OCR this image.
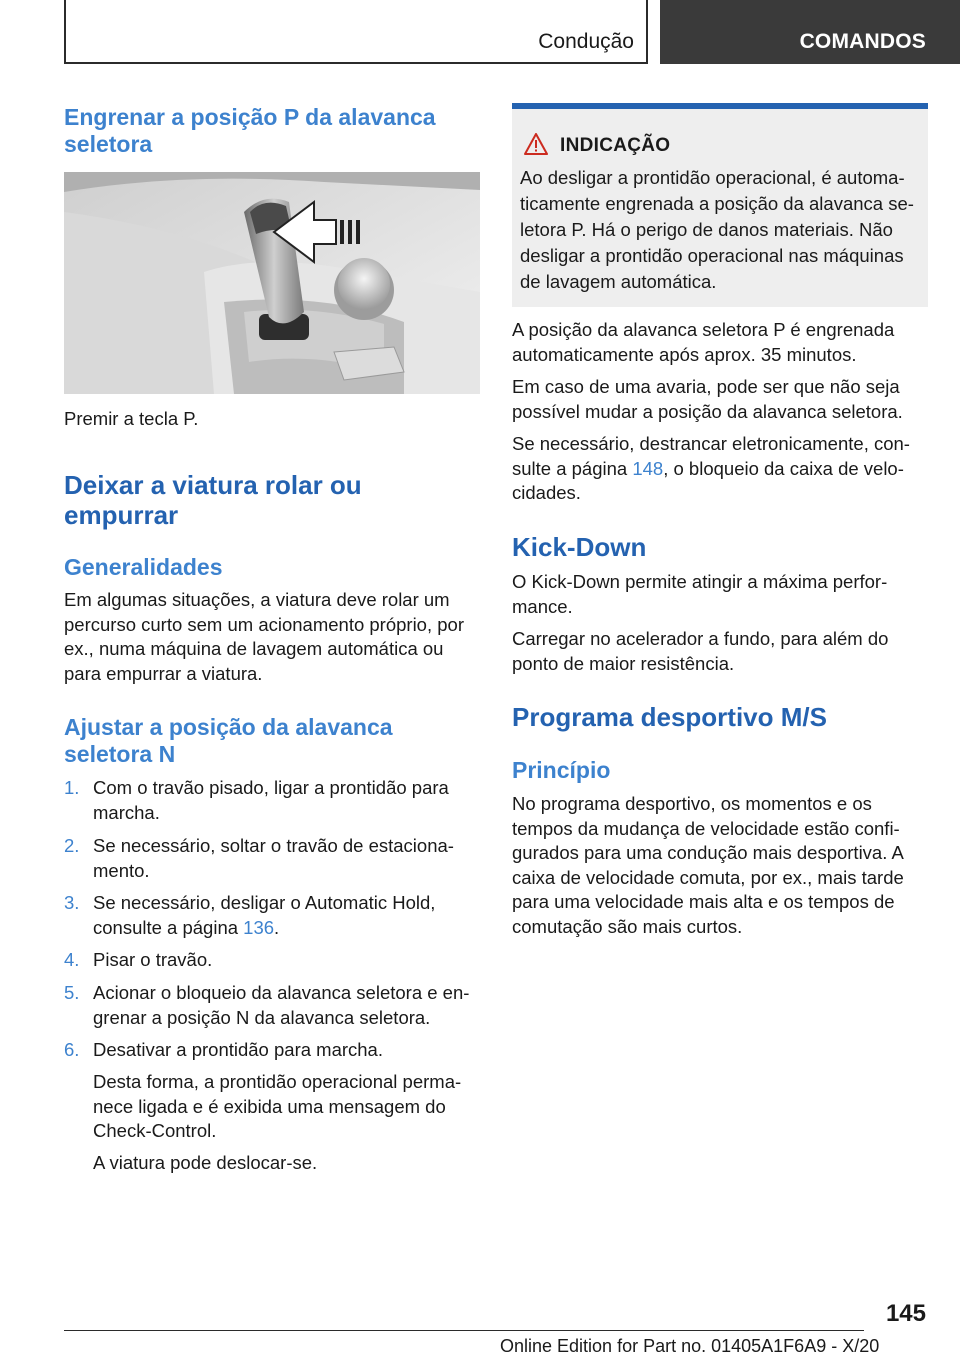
Condução	COMANDOS
Engrenar a posição P da alavanca seletora

Premir a tecla P.

Deixar a viatura rolar ou empurrar
Generalidades

Em algumas situações, a viatura deve rolar um percurso curto sem um acionamento próprio, por ex., numa máquina de lavagem automática ou para empurrar a viatura.

Ajustar a posição da alavanca seletora N
1. Com o travão pisado, ligar a prontidão para marcha.
2. Se necessário, soltar o travão de estaciona-mento.
3. Se necessário, desligar o Automatic Hold, consulte a página 136.
4. Pisar o travão.
5. Acionar o bloqueio da alavanca seletora e en-grenar a posição N da alavanca seletora.
6. Desativar a prontidão para marcha.

Desta forma, a prontidão operacional perma-nece ligada e é exibida uma mensagem do Check-Control.

A viatura pode deslocar-se.

INDICAÇÃO
Ao desligar a prontidão operacional, é automa-ticamente engrenada a posição da alavanca se-letora P. Há o perigo de danos materiais. Não desligar a prontidão operacional nas máquinas de lavagem automática.

A posição da alavanca seletora P é engrenada automaticamente após aprox. 35 minutos.

Em caso de uma avaria, pode ser que não seja possível mudar a posição da alavanca seletora.

Se necessário, destrancar eletronicamente, con-sulte a página 148, o bloqueio da caixa de velo-cidades.

Kick-Down

O Kick-Down permite atingir a máxima perfor-mance.

Carregar no acelerador a fundo, para além do ponto de maior resistência.

Programa desportivo M/S
Princípio

No programa desportivo, os momentos e os tempos da mudança de velocidade estão confi-gurados para uma condução mais desportiva. A caixa de velocidade comuta, por ex., mais tarde para uma velocidade mais alta e os tempos de comutação são mais curtos.

145
Online Edition for Part no. 01405A1F6A9 - X/20
